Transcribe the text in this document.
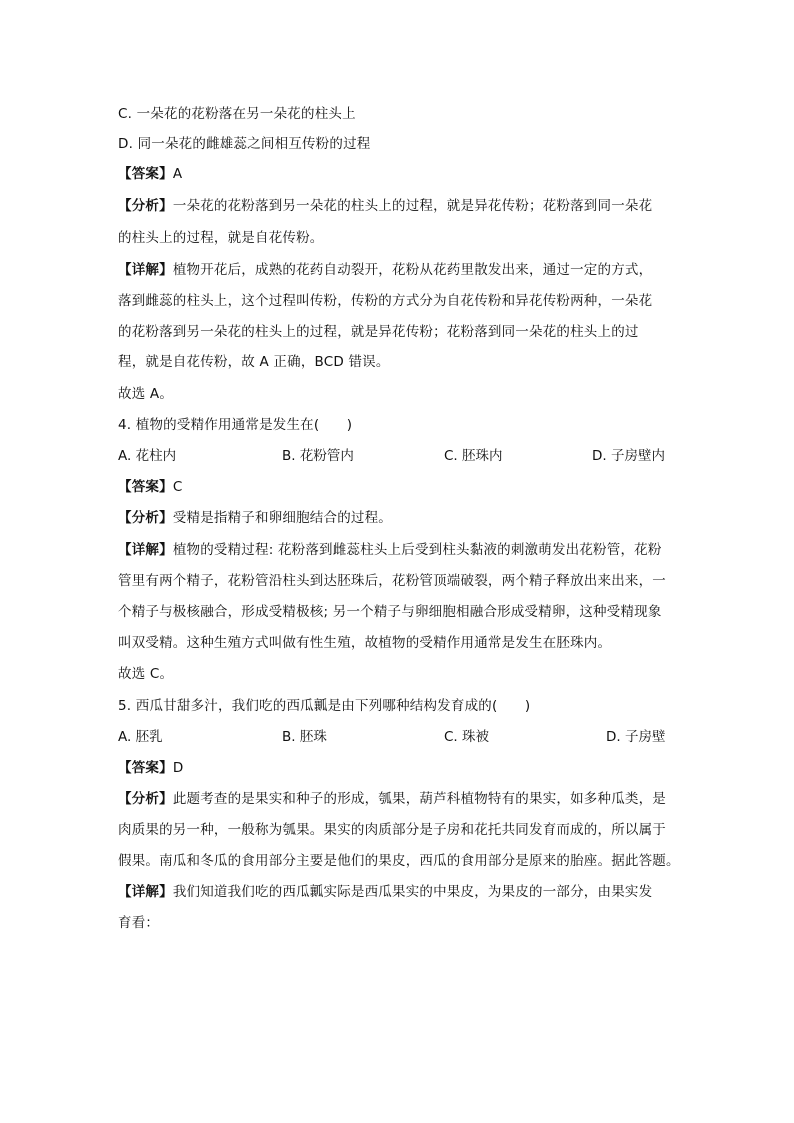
C. 一朵花的花粉落在另一朵花的柱头上
D. 同一朵花的雌雄蕊之间相互传粉的过程
【答案】A
【分析】一朵花的花粉落到另一朵花的柱头上的过程，就是异花传粉；花粉落到同一朵花
的柱头上的过程，就是自花传粉。
【详解】植物开花后，成熟的花药自动裂开，花粉从花药里散发出来，通过一定的方式，
落到雌蕊的柱头上，这个过程叫传粉，传粉的方式分为自花传粉和异花传粉两种，一朵花
的花粉落到另一朵花的柱头上的过程，就是异花传粉；花粉落到同一朵花的柱头上的过
程，就是自花传粉，故 A 正确，BCD 错误。
故选 A。
4. 植物的受精作用通常是发生在(  )
A. 花柱内	B. 花粉管内	C. 胚珠内	D. 子房壁内
【答案】C
【分析】受精是指精子和卵细胞结合的过程。
【详解】植物的受精过程: 花粉落到雌蕊柱头上后受到柱头黏液的刺激萌发出花粉管，花粉
管里有两个精子，花粉管沿柱头到达胚珠后，花粉管顶端破裂，两个精子释放出来出来，一
个精子与极核融合，形成受精极核; 另一个精子与卵细胞相融合形成受精卵，这种受精现象
叫双受精。这种生殖方式叫做有性生殖，故植物的受精作用通常是发生在胚珠内。
故选 C。
5. 西瓜甘甜多汁，我们吃的西瓜瓤是由下列哪种结构发育成的(  )
A. 胚乳	B. 胚珠	C. 珠被	D. 子房壁
【答案】D
【分析】此题考查的是果实和种子的形成，瓠果，葫芦科植物特有的果实，如多种瓜类，是
肉质果的另一种，一般称为瓠果。果实的肉质部分是子房和花托共同发育而成的，所以属于
假果。南瓜和冬瓜的食用部分主要是他们的果皮，西瓜的食用部分是原来的胎座。据此答题。
【详解】我们知道我们吃的西瓜瓤实际是西瓜果实的中果皮，为果皮的一部分，由果实发
育看：
